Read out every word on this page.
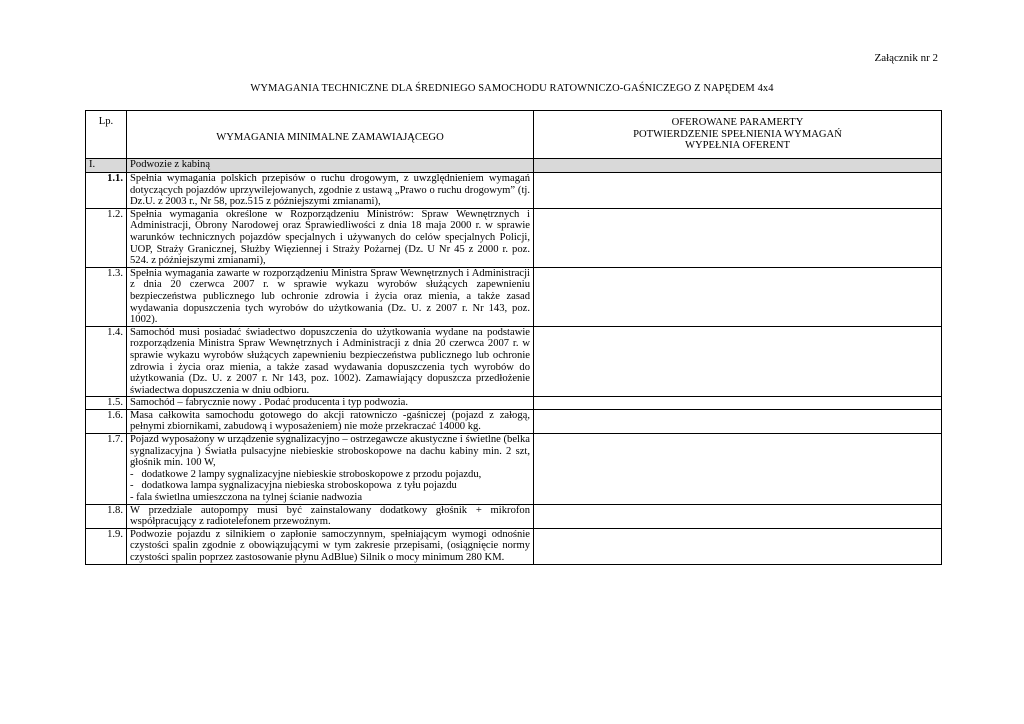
Załącznik nr 2
WYMAGANIA TECHNICZNE DLA ŚREDNIEGO SAMOCHODU RATOWNICZO-GAŚNICZEGO Z NAPĘDEM 4x4
Lp.	WYMAGANIA MINIMALNE ZAMAWIAJĄCEGO	OFEROWANE PARAMERTY
POTWIERDZENIE SPEŁNIENIA WYMAGAŃ
WYPEŁNIA OFERENT

I.	Podwozie z kabiną	
1.1.	Spełnia wymagania polskich przepisów o ruchu drogowym, z uwzględnieniem wymagań dotyczących pojazdów uprzywilejowanych, zgodnie z ustawą „Prawo o ruchu drogowym” (tj. Dz.U. z 2003 r., Nr 58, poz.515 z późniejszymi zmianami),	
1.2.	Spełnia wymagania określone w Rozporządzeniu Ministrów: Spraw Wewnętrznych i Administracji, Obrony Narodowej oraz Sprawiedliwości z dnia 18 maja 2000 r. w sprawie warunków technicznych pojazdów specjalnych i używanych do celów specjalnych Policji, UOP, Straży Granicznej, Służby Więziennej i Straży Pożarnej (Dz. U Nr 45 z 2000 r. poz. 524. z późniejszymi zmianami),	
1.3.	Spełnia wymagania zawarte w rozporządzeniu Ministra Spraw Wewnętrznych i Administracji z dnia 20 czerwca 2007 r. w sprawie wykazu wyrobów służących zapewnieniu bezpieczeństwa publicznego lub ochronie zdrowia i życia oraz mienia, a także zasad wydawania dopuszczenia tych wyrobów do użytkowania (Dz. U. z 2007 r. Nr 143, poz. 1002).	
1.4.	Samochód musi posiadać świadectwo dopuszczenia do użytkowania wydane na podstawie rozporządzenia Ministra Spraw Wewnętrznych i Administracji z dnia 20 czerwca 2007 r. w sprawie wykazu wyrobów służących zapewnieniu bezpieczeństwa publicznego lub ochronie zdrowia i życia oraz mienia, a także zasad wydawania dopuszczenia tych wyrobów do użytkowania (Dz. U. z 2007 r. Nr 143, poz. 1002). Zamawiający dopuszcza przedłożenie świadectwa dopuszczenia w dniu odbioru.	
1.5.	Samochód – fabrycznie nowy . Podać producenta i typ podwozia.	
1.6.	Masa całkowita samochodu gotowego do akcji ratowniczo -gaśniczej (pojazd z załogą, pełnymi zbiornikami, zabudową i wyposażeniem) nie może przekraczać 14000 kg.	
1.7.	Pojazd wyposażony w urządzenie sygnalizacyjno – ostrzegawcze akustyczne i świetlne (belka sygnalizacyjna ) Światła pulsacyjne niebieskie stroboskopowe na dachu kabiny min. 2 szt, głośnik min. 100 W,
-   dodatkowe 2 lampy sygnalizacyjne niebieskie stroboskopowe z przodu pojazdu,
-   dodatkowa lampa sygnalizacyjna niebieska stroboskopowa  z tyłu pojazdu
- fala świetlna umieszczona na tylnej ścianie nadwozia	

1.8.	W przedziale autopompy musi być zainstalowany dodatkowy głośnik + mikrofon współpracujący z radiotelefonem przewoźnym.	
1.9.	Podwozie pojazdu z silnikiem o zapłonie samoczynnym, spełniającym wymogi odnośnie czystości spalin zgodnie z obowiązującymi w tym zakresie przepisami, (osiągnięcie normy czystości spalin poprzez zastosowanie płynu AdBlue) Silnik o mocy minimum 280 KM.	
